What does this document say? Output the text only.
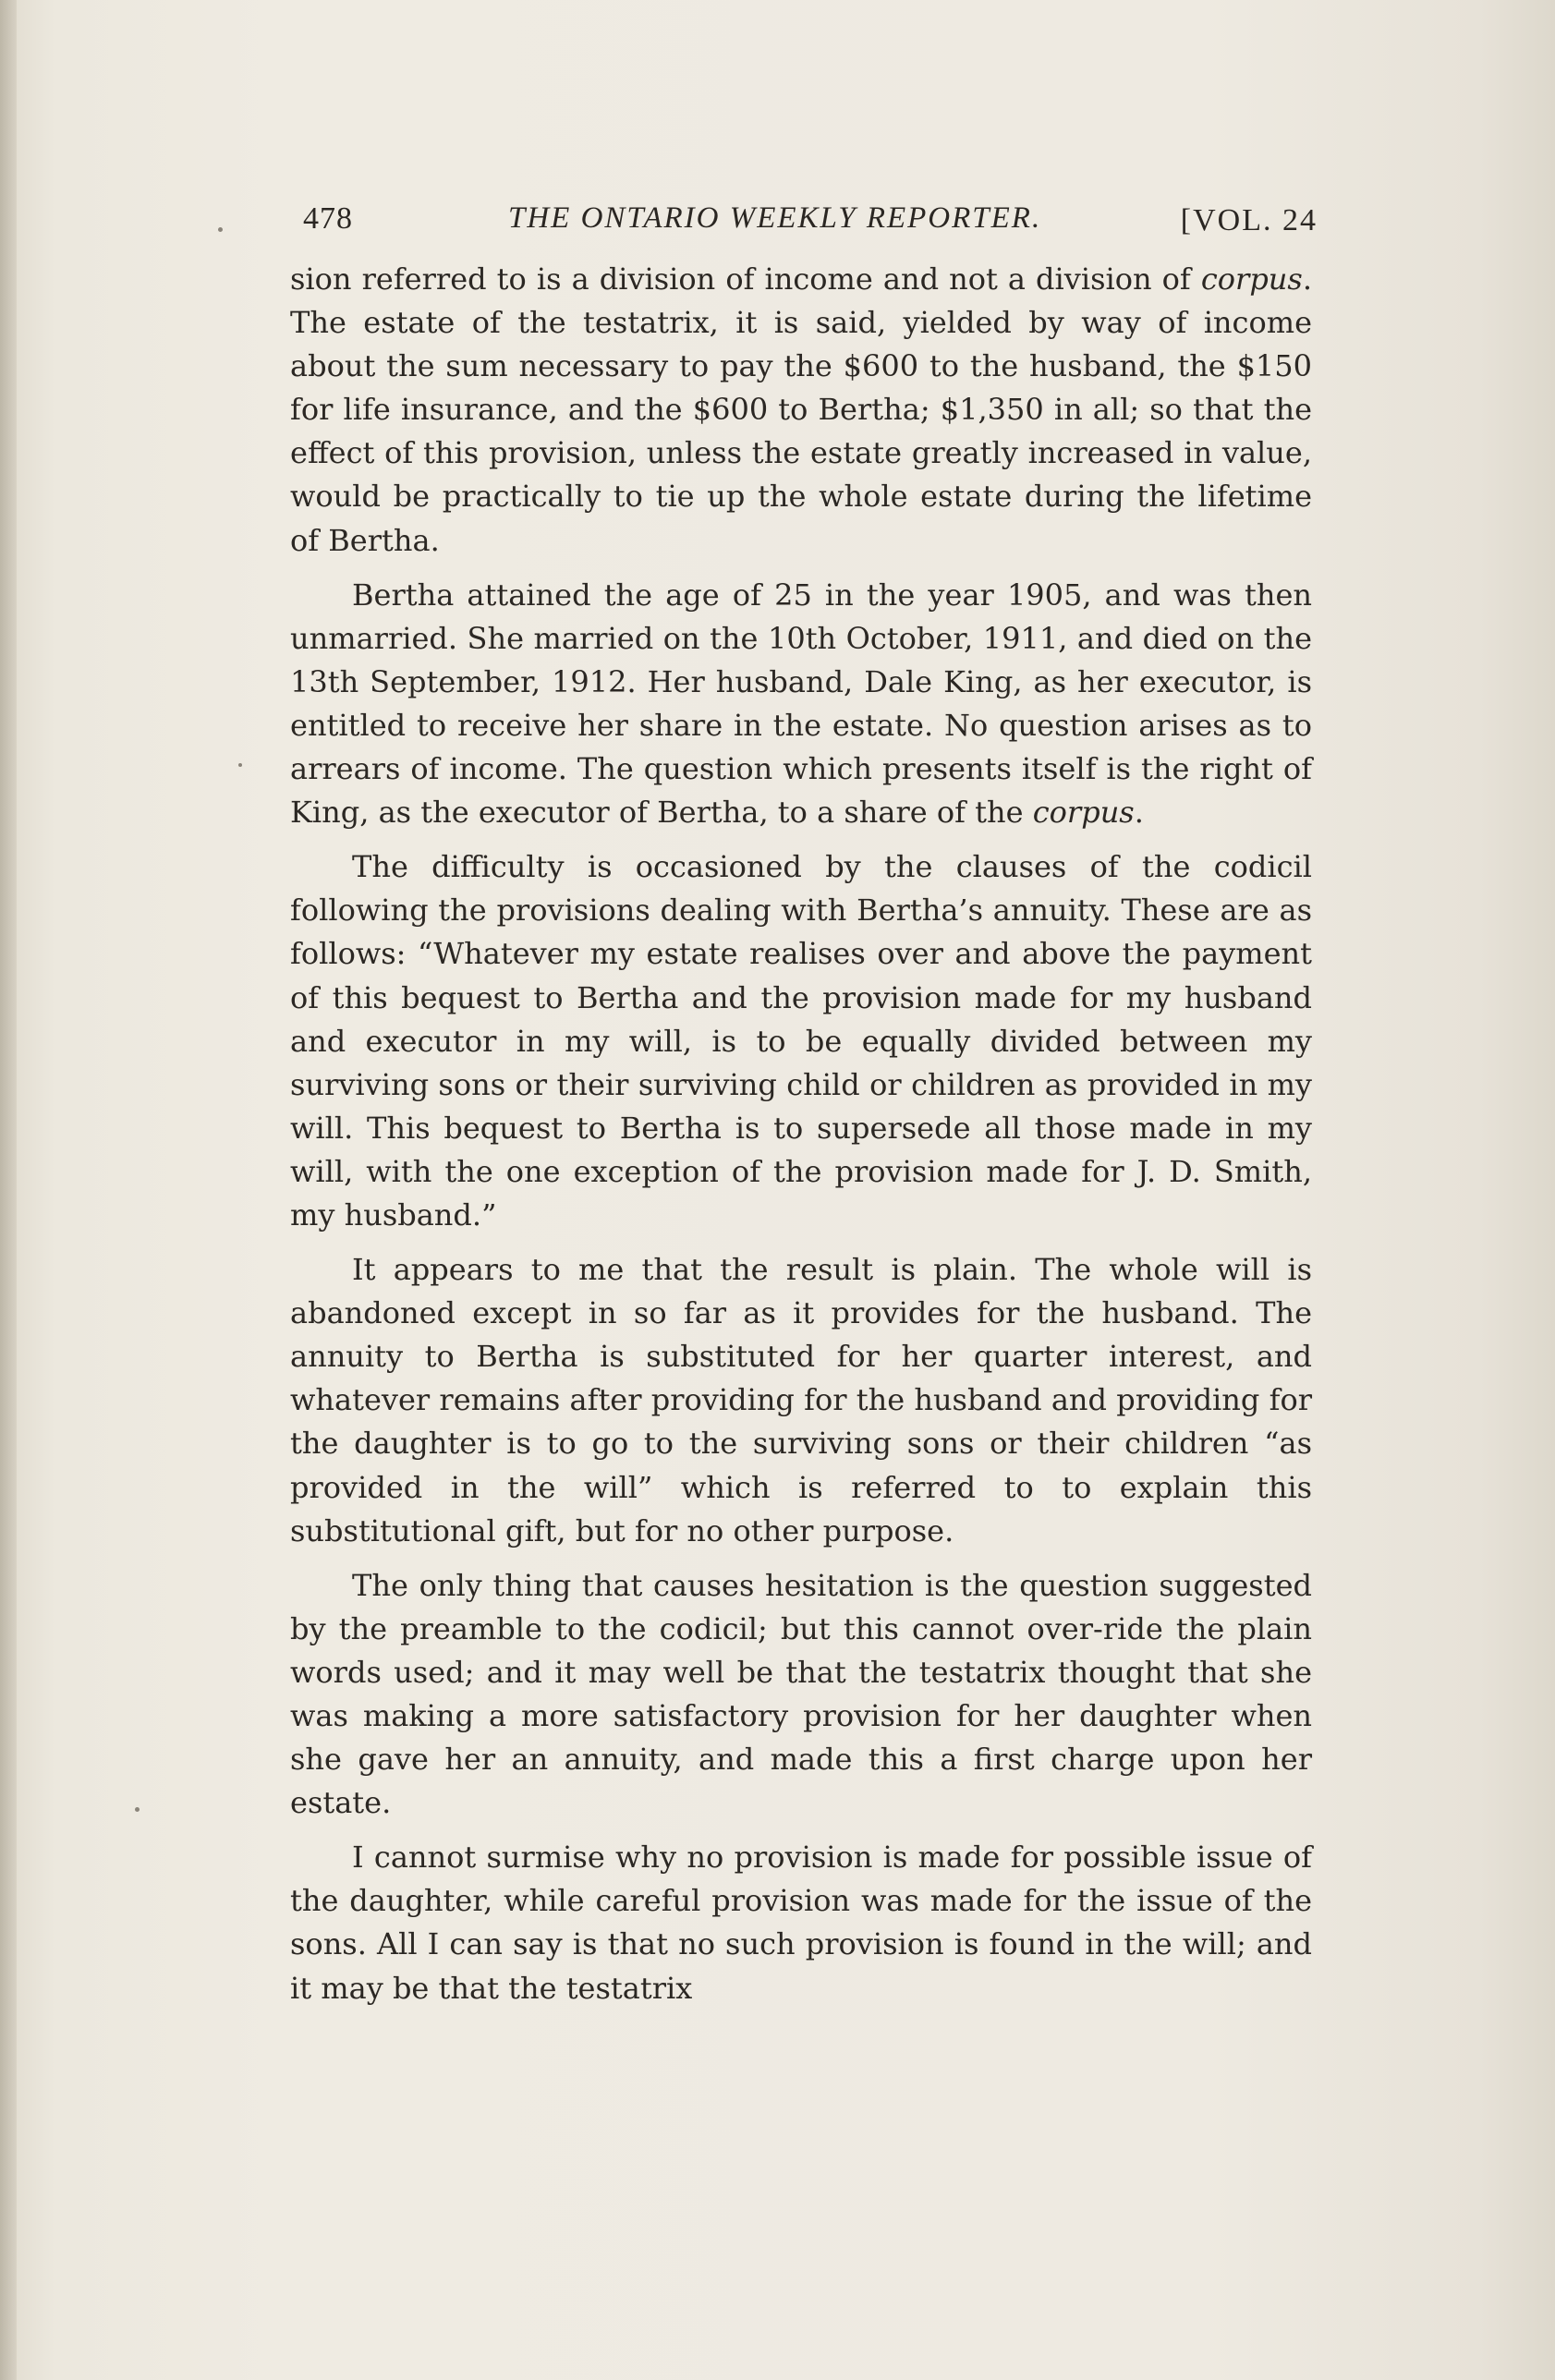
478	THE ONTARIO WEEKLY REPORTER.	[VOL. 24

sion referred to is a division of income and not a division of corpus. The estate of the testatrix, it is said, yielded by way of income about the sum necessary to pay the $600 to the husband, the $150 for life insurance, and the $600 to Bertha; $1,350 in all; so that the effect of this provision, unless the estate greatly increased in value, would be practically to tie up the whole estate during the lifetime of Bertha.

Bertha attained the age of 25 in the year 1905, and was then unmarried. She married on the 10th October, 1911, and died on the 13th September, 1912. Her husband, Dale King, as her executor, is entitled to receive her share in the estate. No question arises as to arrears of income. The question which presents itself is the right of King, as the executor of Bertha, to a share of the corpus.

The difficulty is occasioned by the clauses of the codicil following the provisions dealing with Bertha’s annuity. These are as follows: “Whatever my estate realises over and above the payment of this bequest to Bertha and the provision made for my husband and executor in my will, is to be equally divided between my surviving sons or their surviving child or children as provided in my will. This bequest to Bertha is to supersede all those made in my will, with the one exception of the provision made for J. D. Smith, my husband.”

It appears to me that the result is plain. The whole will is abandoned except in so far as it provides for the husband. The annuity to Bertha is substituted for her quarter interest, and whatever remains after providing for the husband and providing for the daughter is to go to the surviving sons or their children “as provided in the will” which is referred to to explain this substitutional gift, but for no other purpose.

The only thing that causes hesitation is the question suggested by the preamble to the codicil; but this cannot over-ride the plain words used; and it may well be that the testatrix thought that she was making a more satisfactory provision for her daughter when she gave her an annuity, and made this a first charge upon her estate.

I cannot surmise why no provision is made for possible issue of the daughter, while careful provision was made for the issue of the sons. All I can say is that no such provision is found in the will; and it may be that the testatrix
